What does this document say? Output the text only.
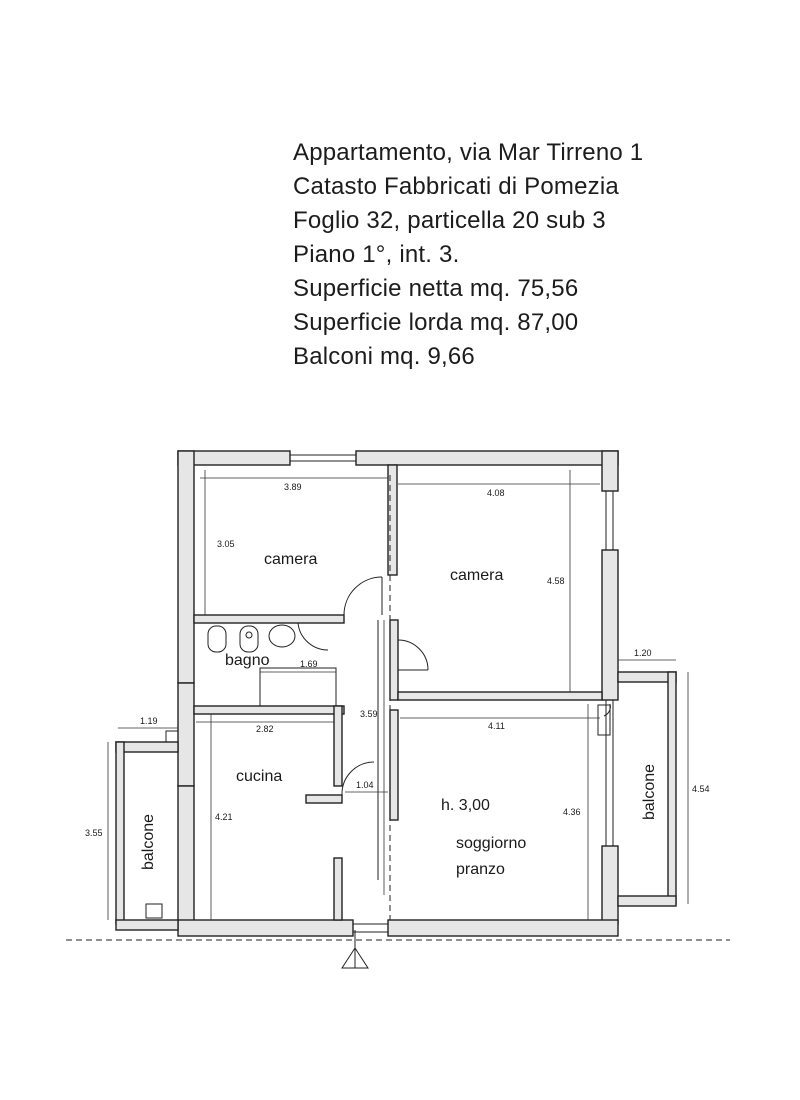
Appartamento, via Mar Tirreno 1
Catasto Fabbricati di Pomezia
Foglio 32, particella 20 sub 3
Piano 1°, int. 3.
Superficie netta mq. 75,56
Superficie lorda mq. 87,00
Balconi mq. 9,66
camera
camera
bagno
cucina
h. 3,00
soggiorno
pranzo
balcone
balcone
3.89
3.05
4.08
4.58
1.69
3.59
1.04
2.82
4.21
4.11
4.36
1.19
3.55
1.20
4.54
